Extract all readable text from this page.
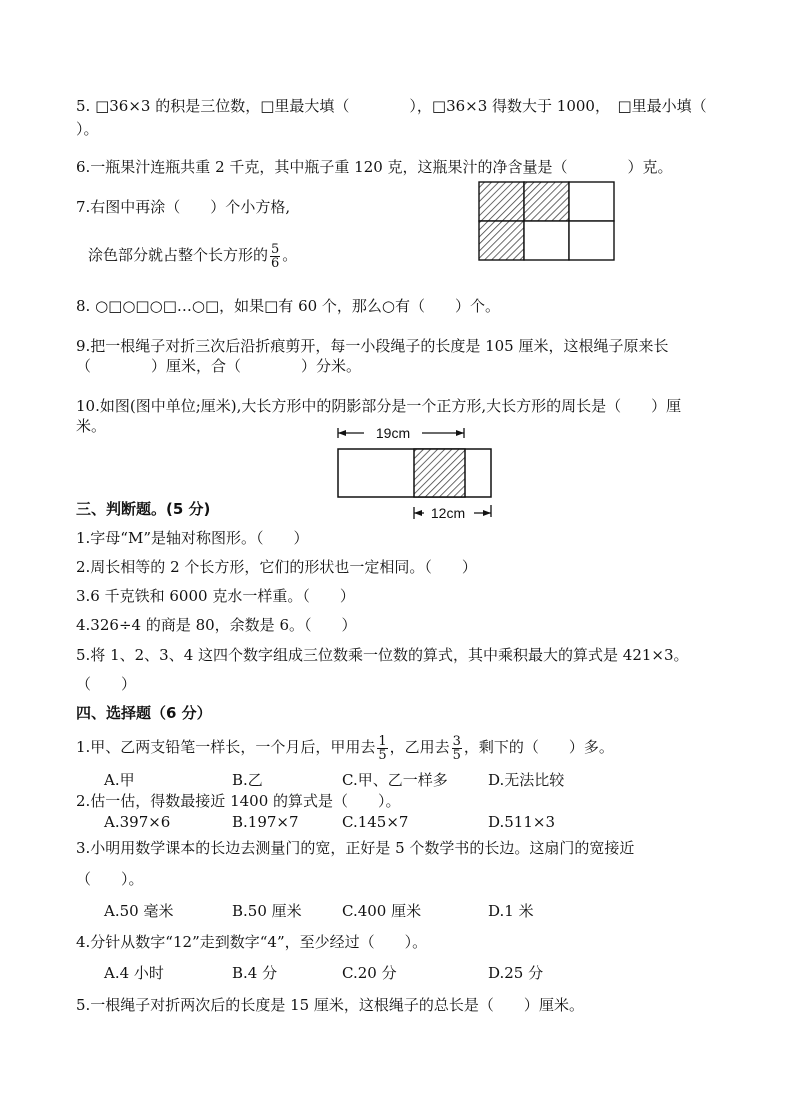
5. □36×3 的积是三位数，□里最大填（　　　　），□36×3 得数大于 1000，　□里最小填（
）。
6.一瓶果汁连瓶共重 2 千克，其中瓶子重 120 克，这瓶果汁的净含量是（　　　　）克。
7.右图中再涂（　　）个小方格,
涂色部分就占整个长方形的 $\frac{5}{6}$ 。
8. ○□○□○□…○□，如果□有 60 个，那么○有（　　）个。
9.把一根绳子对折三次后沿折痕剪开，每一小段绳子的长度是 105 厘米，这根绳子原来长
（　　　　）厘米，合（　　　　）分米。
10.如图(图中单位;厘米),大长方形中的阴影部分是一个正方形,大长方形的周长是（　　）厘
米。	19cm
12cm
三、判断题。(5 分)
1.字母“M”是轴对称图形。（　　）
2.周长相等的 2 个长方形，它们的形状也一定相同。（　　）
3.6 千克铁和 6000 克水一样重。（　　）
4.326÷4 的商是 80，余数是 6。（　　）
5.将 1、2、3、4 这四个数字组成三位数乘一位数的算式，其中乘积最大的算式是 421×3。
（　　）
四、选择题（6 分）
1.甲、乙两支铅笔一样长，一个月后，甲用去 $\frac{1}{5}$ ，乙用去 $\frac{3}{5}$ ，剩下的（　　）多。
A.甲	B.乙	C.甲、乙一样多	D.无法比较
2.估一估，得数最接近 1400 的算式是（　　）。
A.397×6	B.197×7	C.145×7	D.511×3
3.小明用数学课本的长边去测量门的宽，正好是 5 个数学书的长边。这扇门的宽接近
（　　）。
A.50 毫米	B.50 厘米	C.400 厘米	D.1 米
4.分针从数字“12”走到数字“4”，至少经过（　　）。
A.4 小时	B.4 分	C.20 分	D.25 分
5.一根绳子对折两次后的长度是 15 厘米，这根绳子的总长是（　　）厘米。
